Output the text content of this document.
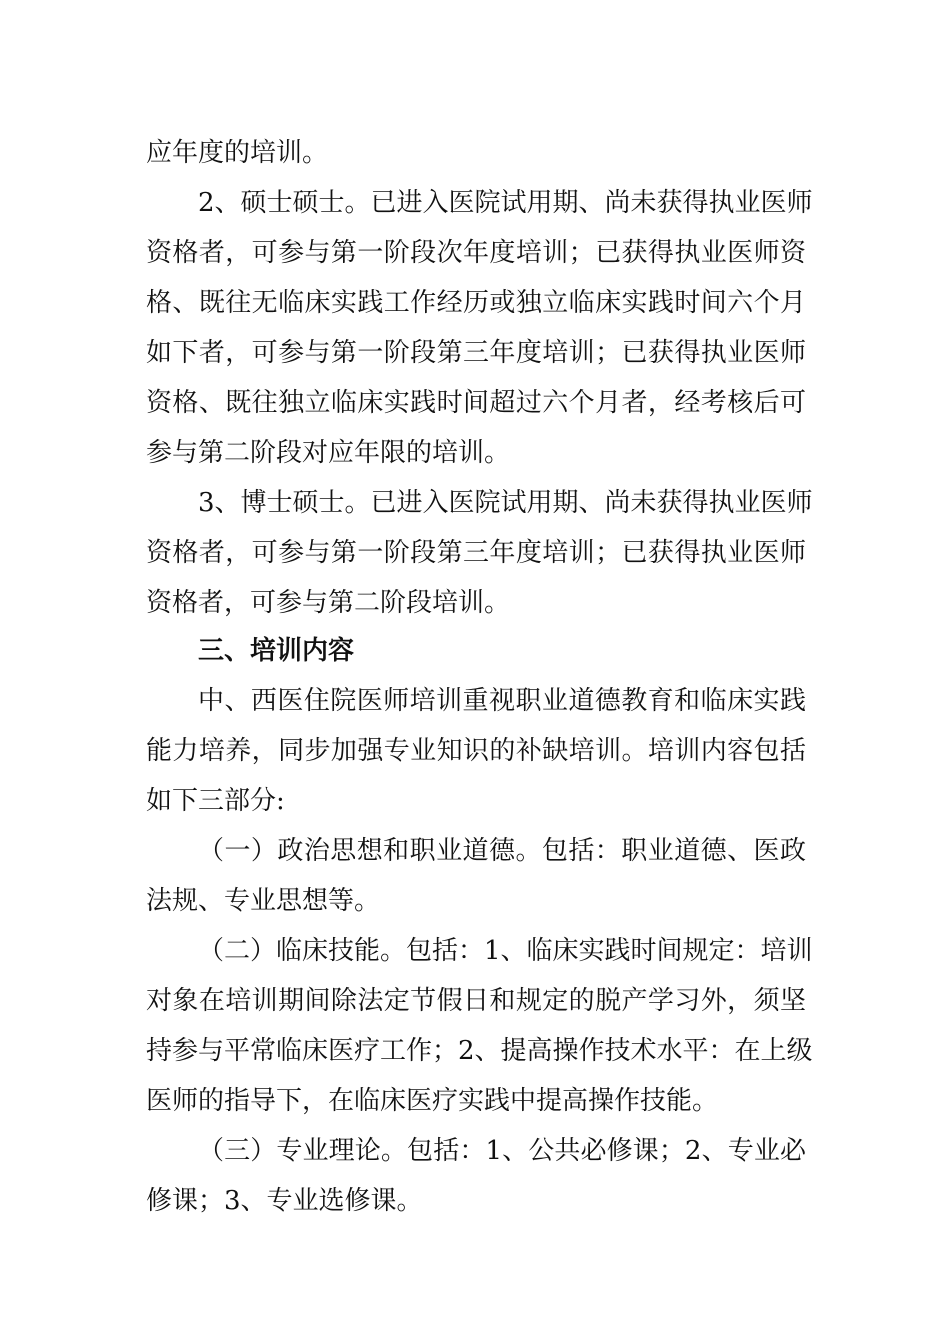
应年度的培训。
2、硕士硕士。已进入医院试用期、尚未获得执业医师
资格者，可参与第一阶段次年度培训；已获得执业医师资
格、既往无临床实践工作经历或独立临床实践时间六个月
如下者，可参与第一阶段第三年度培训；已获得执业医师
资格、既往独立临床实践时间超过六个月者，经考核后可
参与第二阶段对应年限的培训。
3、博士硕士。已进入医院试用期、尚未获得执业医师
资格者，可参与第一阶段第三年度培训；已获得执业医师
资格者，可参与第二阶段培训。
三、培训内容
中、西医住院医师培训重视职业道德教育和临床实践
能力培养，同步加强专业知识的补缺培训。培训内容包括
如下三部分:
（一）政治思想和职业道德。包括：职业道德、医政
法规、专业思想等。
（二）临床技能。包括：1、临床实践时间规定：培训
对象在培训期间除法定节假日和规定的脱产学习外，须坚
持参与平常临床医疗工作；2、提高操作技术水平：在上级
医师的指导下，在临床医疗实践中提高操作技能。
（三）专业理论。包括：1、公共必修课；2、专业必
修课；3、专业选修课。
